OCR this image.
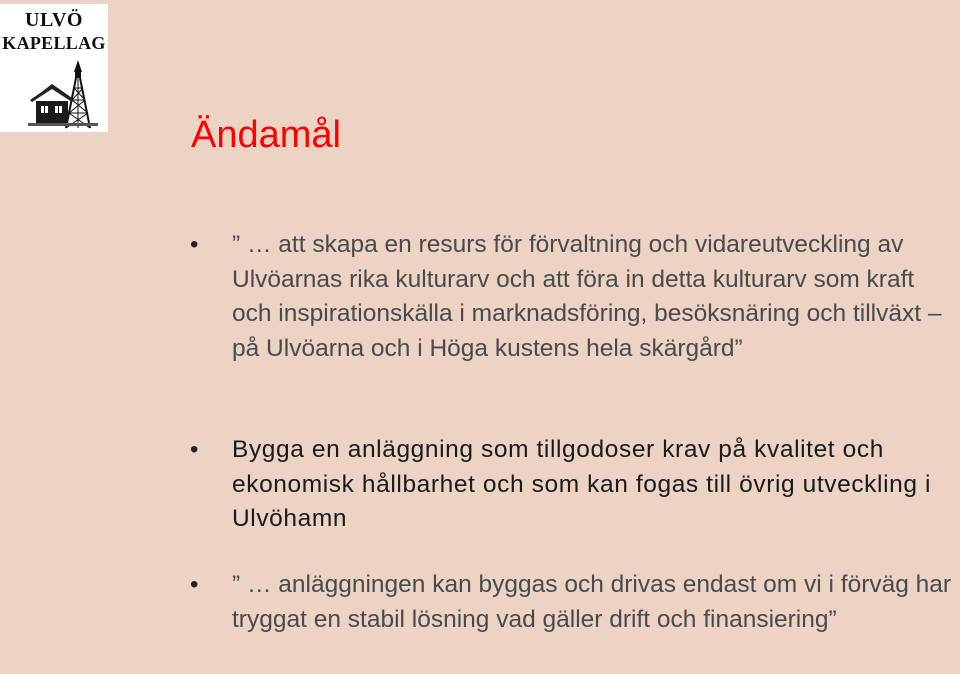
ULVÖ
KAPELLAG
Ändamål
• ” … att skapa en resurs för förvaltning och vidareutveckling av Ulvöarnas rika kulturarv och att föra in detta kulturarv som kraft och inspirationskälla i marknadsföring, besöksnäring och tillväxt – på Ulvöarna och i Höga kustens hela skärgård”
• Bygga en anläggning som tillgodoser krav på kvalitet och ekonomisk hållbarhet och som kan fogas till övrig utveckling i Ulvöhamn
• ” … anläggningen kan byggas och drivas endast om vi i förväg har tryggat en stabil lösning vad gäller drift och finansiering”
